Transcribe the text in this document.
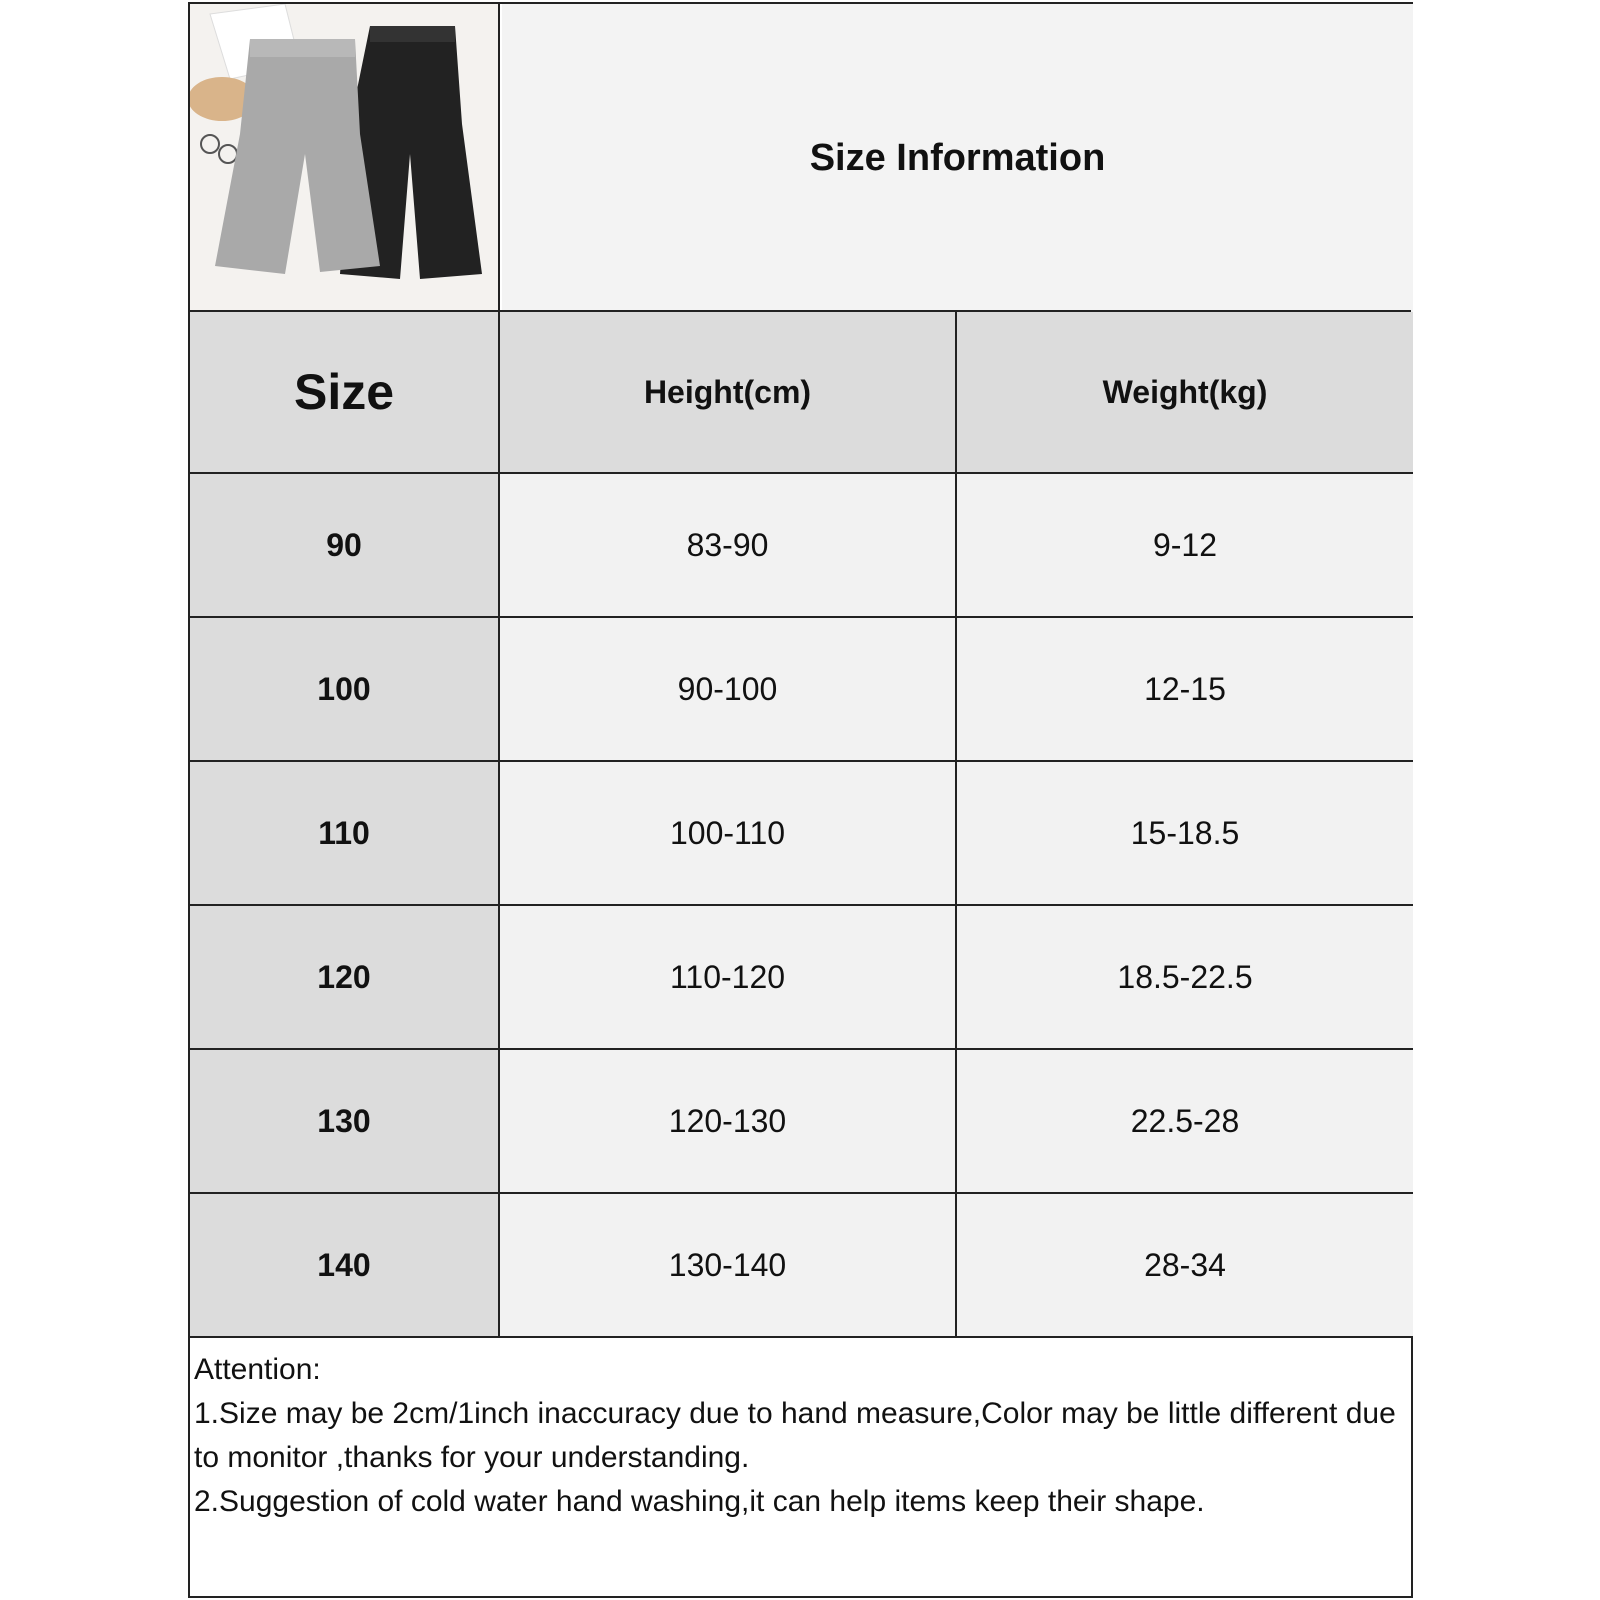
Size Information
Size	Height(cm)	Weight(kg)
90	83-90	9-12
100	90-100	12-15
110	100-110	15-18.5
120	110-120	18.5-22.5
130	120-130	22.5-28
140	130-140	28-34
Attention:
1.Size may be 2cm/1inch inaccuracy due to hand measure,Color may be little different due to monitor ,thanks for your understanding.
2.Suggestion of cold water hand washing,it can help items keep their shape.
